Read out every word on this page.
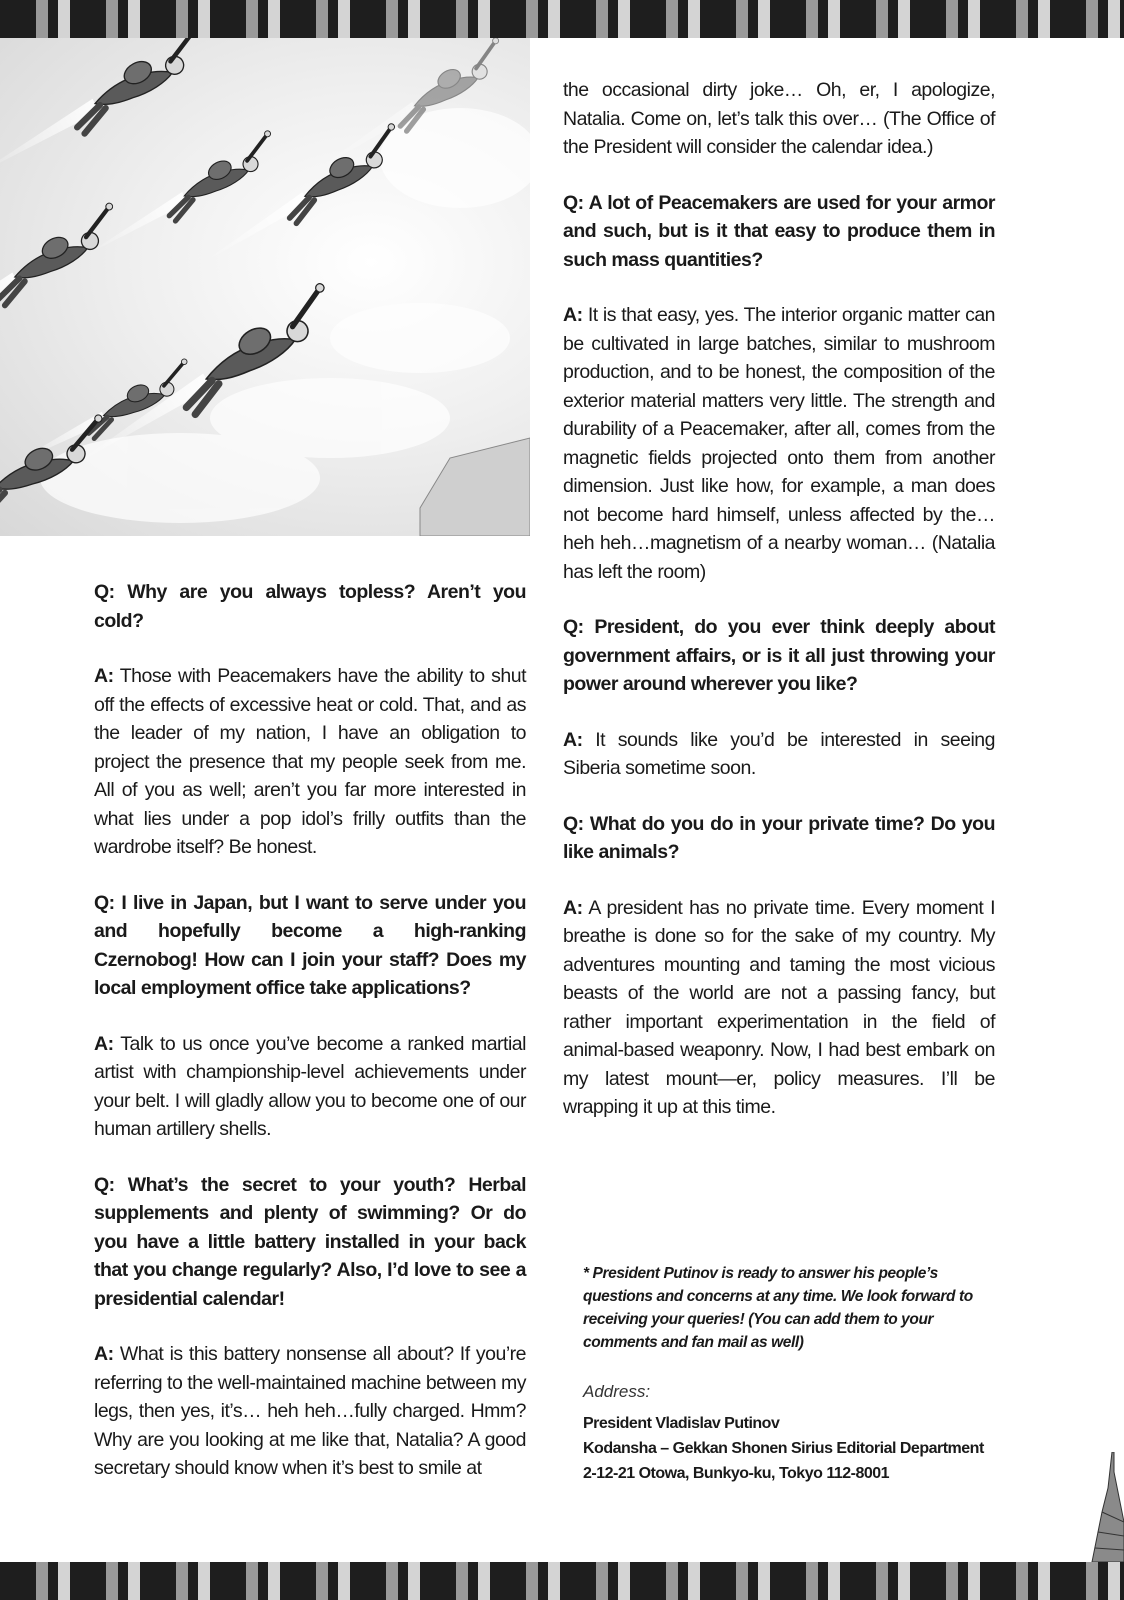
Q: Why are you always topless? Aren’t you cold?

A: Those with Peacemakers have the ability to shut off the effects of excessive heat or cold. That, and as the leader of my nation, I have an obligation to project the presence that my people seek from me. All of you as well; aren’t you far more interested in what lies under a pop idol’s frilly outfits than the wardrobe itself? Be honest.

Q: I live in Japan, but I want to serve under you and hopefully become a high-ranking Czernobog! How can I join your staff? Does my local employment office take applications?

A: Talk to us once you’ve become a ranked martial artist with championship-level achievements under your belt. I will gladly allow you to become one of our human artillery shells.

Q: What’s the secret to your youth? Herbal supplements and plenty of swimming? Or do you have a little battery installed in your back that you change regularly? Also, I’d love to see a presidential calendar!

A: What is this battery nonsense all about? If you’re referring to the well-maintained machine between my legs, then yes, it’s… heh heh…fully charged. Hmm? Why are you looking at me like that, Natalia? A good secretary should know when it’s best to smile at

the occasional dirty joke… Oh, er, I apologize, Natalia. Come on, let’s talk this over… (The Office of the President will consider the calendar idea.)

Q: A lot of Peacemakers are used for your armor and such, but is it that easy to produce them in such mass quantities?

A: It is that easy, yes. The interior organic matter can be cultivated in large batches, similar to mushroom production, and to be honest, the composition of the exterior material matters very little. The strength and durability of a Peacemaker, after all, comes from the magnetic fields projected onto them from another dimension. Just like how, for example, a man does not become hard himself, unless affected by the… heh heh…magnetism of a nearby woman… (Natalia has left the room)

Q: President, do you ever think deeply about government affairs, or is it all just throwing your power around wherever you like?

A: It sounds like you’d be interested in seeing Siberia sometime soon.

Q: What do you do in your private time? Do you like animals?

A: A president has no private time. Every moment I breathe is done so for the sake of my country. My adventures mounting and taming the most vicious beasts of the world are not a passing fancy, but rather important experimentation in the field of animal-based weaponry. Now, I had best embark on my latest mount—er, policy measures. I’ll be wrapping it up at this time.

* President Putinov is ready to answer his people’s questions and concerns at any time. We look forward to receiving your queries! (You can add them to your comments and fan mail as well)
Address:
President Vladislav Putinov
Kodansha – Gekkan Shonen Sirius Editorial Department
2-12-21 Otowa, Bunkyo-ku, Tokyo 112-8001
